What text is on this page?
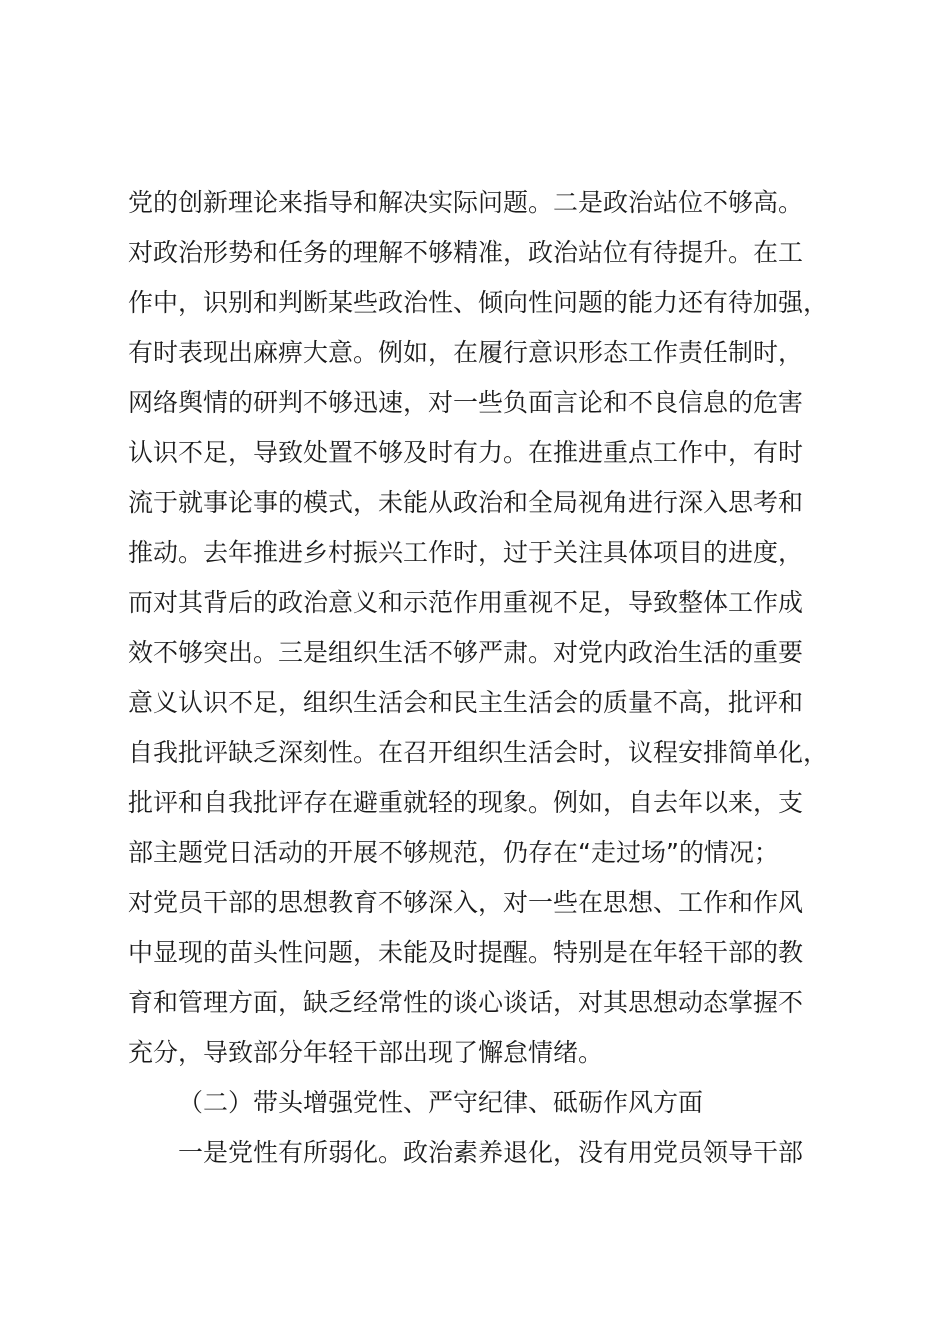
党的创新理论来指导和解决实际问题。二是政治站位不够高。

对政治形势和任务的理解不够精准，政治站位有待提升。在工

作中，识别和判断某些政治性、倾向性问题的能力还有待加强，

有时表现出麻痹大意。例如，在履行意识形态工作责任制时，

网络舆情的研判不够迅速，对一些负面言论和不良信息的危害

认识不足，导致处置不够及时有力。在推进重点工作中，有时

流于就事论事的模式，未能从政治和全局视角进行深入思考和

推动。去年推进乡村振兴工作时，过于关注具体项目的进度，

而对其背后的政治意义和示范作用重视不足，导致整体工作成

效不够突出。三是组织生活不够严肃。对党内政治生活的重要

意义认识不足，组织生活会和民主生活会的质量不高，批评和

自我批评缺乏深刻性。在召开组织生活会时，议程安排简单化，

批评和自我批评存在避重就轻的现象。例如，自去年以来，支

部主题党日活动的开展不够规范，仍存在“走过场”的情况；

对党员干部的思想教育不够深入，对一些在思想、工作和作风

中显现的苗头性问题，未能及时提醒。特别是在年轻干部的教

育和管理方面，缺乏经常性的谈心谈话，对其思想动态掌握不

充分，导致部分年轻干部出现了懈怠情绪。

（二）带头增强党性、严守纪律、砥砺作风方面

一是党性有所弱化。政治素养退化，没有用党员领导干部
